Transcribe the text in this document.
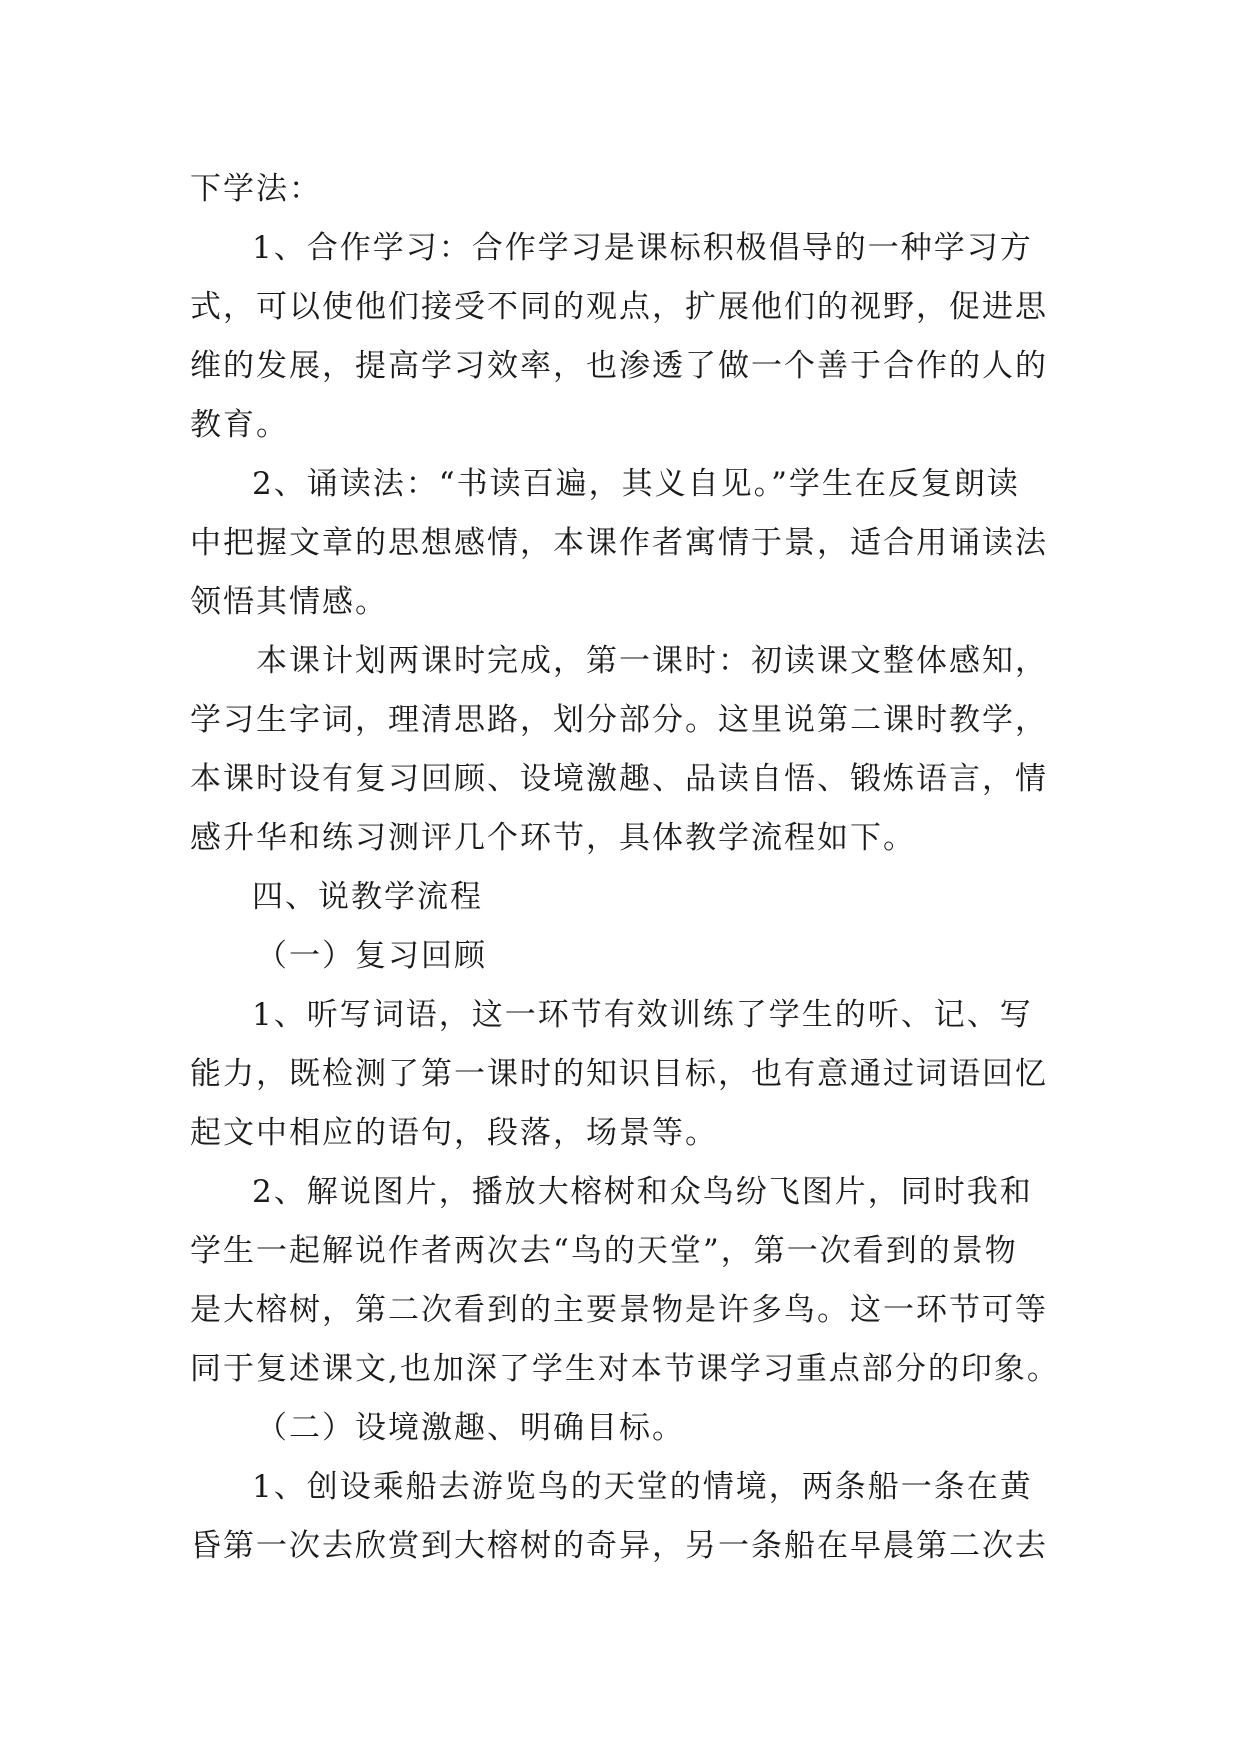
下学法：
1、合作学习：合作学习是课标积极倡导的一种学习方
式，可以使他们接受不同的观点，扩展他们的视野，促进思
维的发展，提高学习效率，也渗透了做一个善于合作的人的
教育。
2、诵读法：“书读百遍，其义自见。”学生在反复朗读
中把握文章的思想感情，本课作者寓情于景，适合用诵读法
领悟其情感。
本课计划两课时完成，第一课时：初读课文整体感知，
学习生字词，理清思路，划分部分。这里说第二课时教学，
本课时设有复习回顾、设境激趣、品读自悟、锻炼语言，情
感升华和练习测评几个环节，具体教学流程如下。
四、说教学流程
（一）复习回顾
1、听写词语，这一环节有效训练了学生的听、记、写
能力，既检测了第一课时的知识目标，也有意通过词语回忆
起文中相应的语句，段落，场景等。
2、解说图片，播放大榕树和众鸟纷飞图片，同时我和
学生一起解说作者两次去“鸟的天堂”，第一次看到的景物
是大榕树，第二次看到的主要景物是许多鸟。这一环节可等
同于复述课文,也加深了学生对本节课学习重点部分的印象。
（二）设境激趣、明确目标。
1、创设乘船去游览鸟的天堂的情境，两条船一条在黄
昏第一次去欣赏到大榕树的奇异，另一条船在早晨第二次去
